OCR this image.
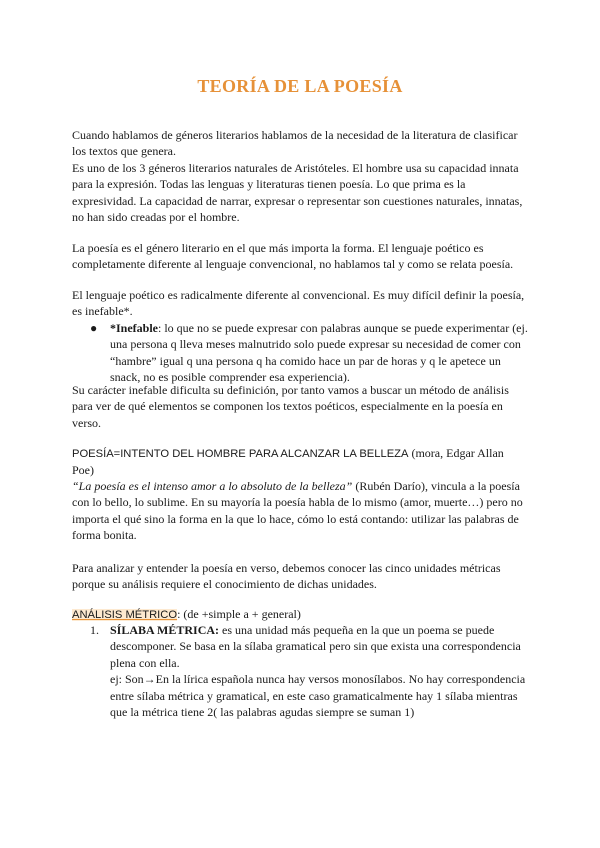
TEORÍA DE LA POESÍA

Cuando hablamos de géneros literarios hablamos de la necesidad de la literatura de clasificar los textos que genera.
Es uno de los 3 géneros literarios naturales de Aristóteles. El hombre usa su capacidad innata para la expresión. Todas las lenguas y literaturas tienen poesía. Lo que prima es la expresividad. La capacidad de narrar, expresar o representar son cuestiones naturales, innatas, no han sido creadas por el hombre.

La poesía es el género literario en el que más importa la forma. El lenguaje poético es completamente diferente al lenguaje convencional, no hablamos tal y como se relata poesía.

El lenguaje poético es radicalmente diferente al convencional. Es muy difícil definir la poesía, es inefable*.

● *Inefable: lo que no se puede expresar con palabras aunque se puede experimentar (ej. una persona q lleva meses malnutrido solo puede expresar su necesidad de comer con “hambre” igual q una persona q ha comido hace un par de horas y q le apetece un snack, no es posible comprender esa experiencia).

Su carácter inefable dificulta su definición, por tanto vamos a buscar un método de análisis para ver de qué elementos se componen los textos poéticos, especialmente en la poesía en verso.

POESÍA=INTENTO DEL HOMBRE PARA ALCANZAR LA BELLEZA (mora, Edgar Allan Poe)

“La poesía es el intenso amor a lo absoluto de la belleza” (Rubén Darío), vincula a la poesía con lo bello, lo sublime. En su mayoría la poesía habla de lo mismo (amor, muerte…) pero no importa el qué sino la forma en la que lo hace, cómo lo está contando: utilizar las palabras de forma bonita.

Para analizar y entender la poesía en verso, debemos conocer las cinco unidades métricas porque su análisis requiere el conocimiento de dichas unidades.

ANÁLISIS MÉTRICO: (de +simple a + general)

1. SÍLABA MÉTRICA: es una unidad más pequeña en la que un poema se puede descomponer. Se basa en la sílaba gramatical pero sin que exista una correspondencia plena con ella.
ej: Son→En la lírica española nunca hay versos monosílabos. No hay correspondencia entre sílaba métrica y gramatical, en este caso gramaticalmente hay 1 sílaba mientras que la métrica tiene 2( las palabras agudas siempre se suman 1)
